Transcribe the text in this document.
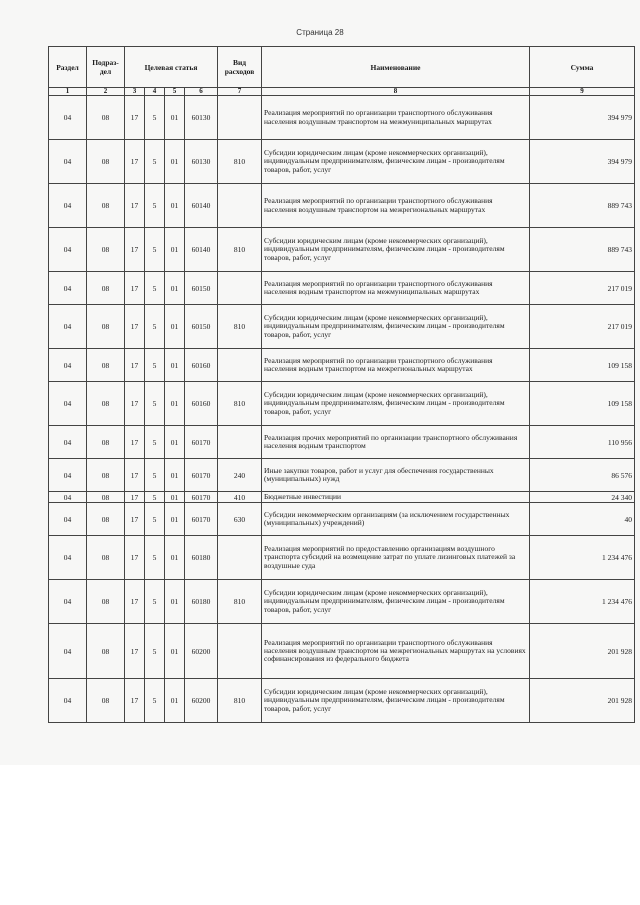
Страница 28
Раздел	Подраз-дел	Целевая статья				Вид расходов	Наименование	Сумма
1	2	3	4	5	6	7	8	9
04	08	17	5	01	60130		Реализация мероприятий по организации транспортного обслуживания населения воздушным транспортом на межмуниципальных маршрутах	394 979
04	08	17	5	01	60130	810	Субсидии юридическим лицам (кроме некоммерческих организаций), индивидуальным предпринимателям, физическим лицам - производителям товаров, работ, услуг	394 979
04	08	17	5	01	60140		Реализация мероприятий по организации транспортного обслуживания населения воздушным транспортом на межрегиональных маршрутах	889 743
04	08	17	5	01	60140	810	Субсидии юридическим лицам (кроме некоммерческих организаций), индивидуальным предпринимателям, физическим лицам - производителям товаров, работ, услуг	889 743
04	08	17	5	01	60150		Реализация мероприятий по организации транспортного обслуживания населения водным транспортом на межмуниципальных маршрутах	217 019
04	08	17	5	01	60150	810	Субсидии юридическим лицам (кроме некоммерческих организаций), индивидуальным предпринимателям, физическим лицам - производителям товаров, работ, услуг	217 019
04	08	17	5	01	60160		Реализация мероприятий по организации транспортного обслуживания населения водным транспортом на межрегиональных маршрутах	109 158
04	08	17	5	01	60160	810	Субсидии юридическим лицам (кроме некоммерческих организаций), индивидуальным предпринимателям, физическим лицам - производителям товаров, работ, услуг	109 158
04	08	17	5	01	60170		Реализация прочих мероприятий по организации транспортного обслуживания населения водным транспортом	110 956
04	08	17	5	01	60170	240	Иные закупки товаров, работ и услуг для обеспечения государственных (муниципальных) нужд	86 576
04	08	17	5	01	60170	410	Бюджетные инвестиции	24 340
04	08	17	5	01	60170	630	Субсидии некоммерческим организациям (за исключением государственных (муниципальных) учреждений)	40
04	08	17	5	01	60180		Реализация мероприятий по предоставлению организациям воздушного транспорта субсидий на возмещение затрат по уплате лизинговых платежей за воздушные суда	1 234 476
04	08	17	5	01	60180	810	Субсидии юридическим лицам (кроме некоммерческих организаций), индивидуальным предпринимателям, физическим лицам - производителям товаров, работ, услуг	1 234 476
04	08	17	5	01	60200		Реализация мероприятий по организации транспортного обслуживания населения воздушным транспортом на межрегиональных маршрутах на условиях софинансирования из федерального бюджета	201 928
04	08	17	5	01	60200	810	Субсидии юридическим лицам (кроме некоммерческих организаций), индивидуальным предпринимателям, физическим лицам - производителям товаров, работ, услуг	201 928
